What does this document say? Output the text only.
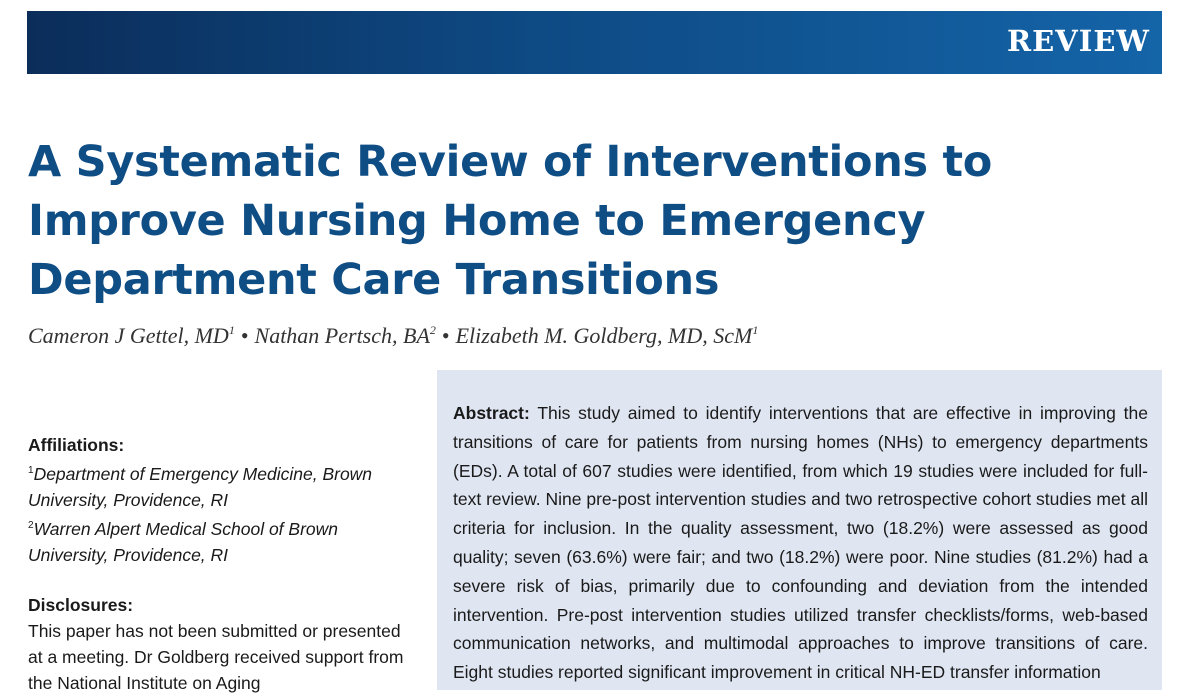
REVIEW
A Systematic Review of Interventions to
Improve Nursing Home to Emergency
Department Care Transitions
Cameron J Gettel, $MD^1$ • Nathan Pertsch, $BA^2$ • Elizabeth M. Goldberg, MD, ScM$^1$
Affiliations:
$^1$Department of Emergency Medicine, Brown University, Providence, RI
$^2$Warren Alpert Medical School of Brown University, Providence, RI
Disclosures:
This paper has not been submitted or presented at a meeting. Dr Goldberg received support from the National Institute on Aging
Abstract: This study aimed to identify interventions that are effective in improving the transitions of care for patients from nursing homes (NHs) to emergency departments (EDs). A total of 607 studies were identified, from which 19 studies were included for full-text review. Nine pre-post intervention studies and two retrospective cohort studies met all criteria for inclusion. In the quality assessment, two (18.2%) were assessed as good quality; seven (63.6%) were fair; and two (18.2%) were poor. Nine studies (81.2%) had a severe risk of bias, primarily due to confounding and deviation from the intended intervention. Pre-post intervention studies utilized transfer checklists/forms, web-based communication networks, and multimodal approaches to improve transitions of care. Eight studies reported significant improvement in critical NH-ED transfer information
